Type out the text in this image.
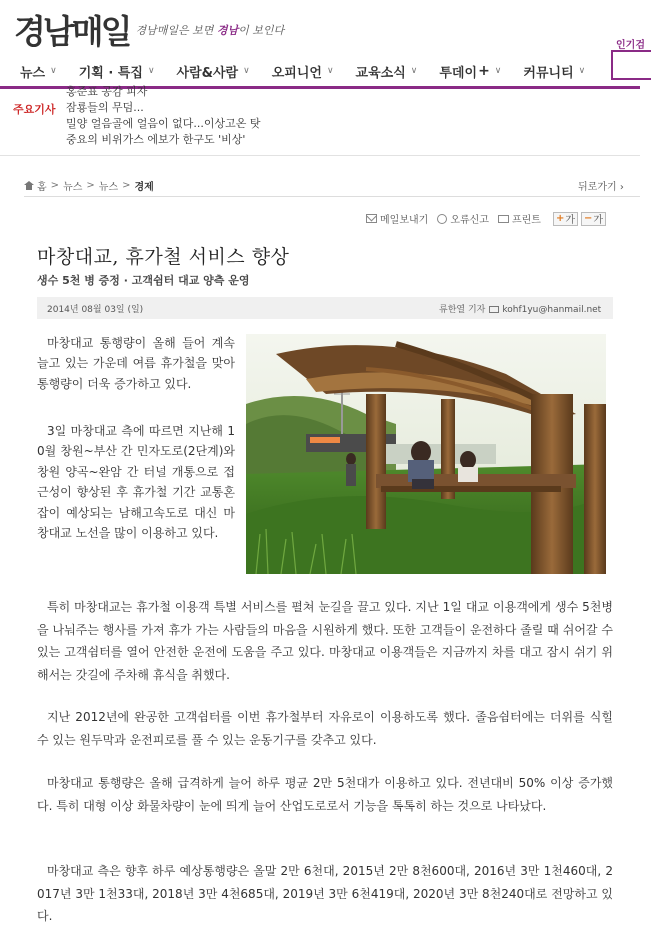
경남매일 경남매일은 보면 경남이 보인다
인기검
뉴스 ∨ 기획 · 특집 ∨ 사람&사람 ∨ 오피니언 ∨ 교육소식 ∨ 투데이 + ∨ 커뮤니티 ∨
주요기사
홍준표 공감 피자
잠룡들의 무덤...
밀양 얼음골에 얼음이 없다...이상고온 탓
중요의 비위가스 에보가 한구도 '비상'
홈 > 뉴스 > 뉴스 > 경제	뒤로가기 ›
메일보내기 오류신고 프린트 + 가 − 가
마창대교, 휴가철 서비스 향상
생수 5천 병 증정 · 고객쉼터 대교 양측 운영
2014년 08월 03일 (일)	류한열 기자 kohf1yu@hanmail.net
마창대교 통행량이 올해 들어 계속 늘고 있는 가운데 여름 휴가철을 맞아 통행량이 더욱 증가하고 있다.
3일 마창대교 측에 따르면 지난해 10월 창원~부산 간 민자도로(2단계)와 창원 양곡~완암 간 터널 개통으로 접근성이 향상된 후 휴가철 기간 교통혼잡이 예상되는 남해고속도로 대신 마창대교 노선을 많이 이용하고 있다.
특히 마창대교는 휴가철 이용객 특별 서비스를 펼쳐 눈길을 끌고 있다. 지난 1일 대교 이용객에게 생수 5천병을 나눠주는 행사를 가져 휴가 가는 사람들의 마음을 시원하게 했다. 또한 고객들이 운전하다 졸릴 때 쉬어갈 수 있는 고객쉼터를 열어 안전한 운전에 도움을 주고 있다. 마창대교 이용객들은 지금까지 차를 대고 잠시 쉬기 위해서는 갓길에 주차해 휴식을 취했다.
지난 2012년에 완공한 고객쉼터를 이번 휴가철부터 자유로이 이용하도록 했다. 졸음쉼터에는 더위를 식힐 수 있는 원두막과 운전피로를 풀 수 있는 운동기구를 갖추고 있다.
마창대교 통행량은 올해 급격하게 늘어 하루 평균 2만 5천대가 이용하고 있다. 전년대비 50% 이상 증가했다. 특히 대형 이상 화물차량이 눈에 띄게 늘어 산업도로로서 기능을 톡톡히 하는 것으로 나타났다.
마창대교 측은 향후 하루 예상통행량은 올말 2만 6천대, 2015년 2만 8천600대, 2016년 3만 1천460대, 2017년 3만 1천33대, 2018년 3만 4천685대, 2019년 3만 6천419대, 2020년 3만 8천240대로 전망하고 있다.
